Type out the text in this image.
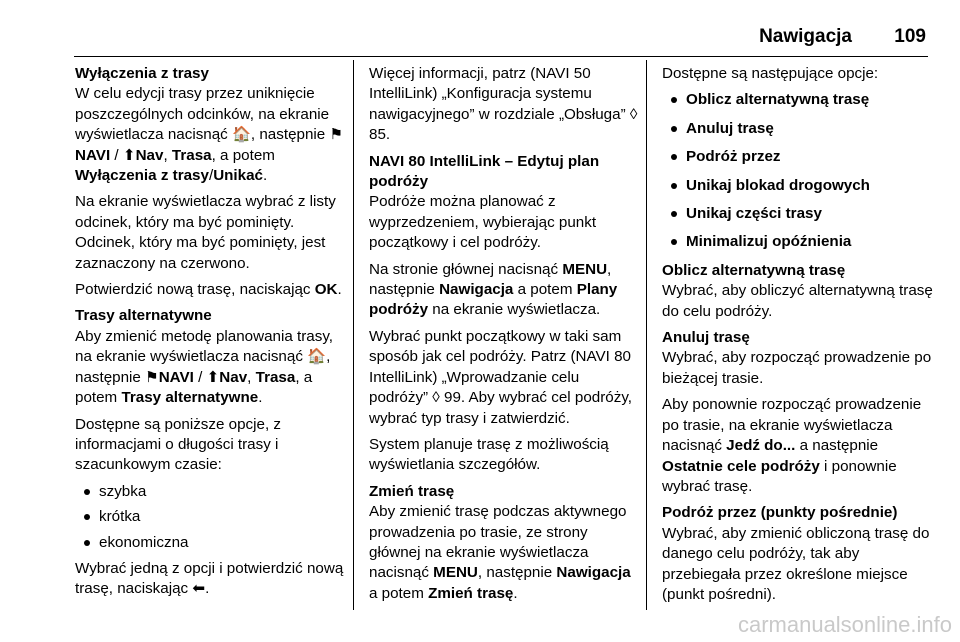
Nawigacja 109

Wyłączenia z trasy

W celu edycji trasy przez uniknięcie poszczególnych odcinków, na ekranie wyświetlacza nacisnąć 🏠, następnie ⚑NAVI / ⬆Nav, Trasa, a potem Wyłączenia z trasy/Unikać.

Na ekranie wyświetlacza wybrać z listy odcinek, który ma być pominięty. Odcinek, który ma być pominięty, jest zaznaczony na czerwono.

Potwierdzić nową trasę, naciskając OK.

Trasy alternatywne

Aby zmienić metodę planowania trasy, na ekranie wyświetlacza nacisnąć 🏠, następnie ⚑NAVI / ⬆Nav, Trasa, a potem Trasy alternatywne.

Dostępne są poniższe opcje, z informacjami o długości trasy i szacunkowym czasie:

szybka
krótka
ekonomiczna

Wybrać jedną z opcji i potwierdzić nową trasę, naciskając ⬅.

Więcej informacji, patrz (NAVI 50 IntelliLink) „Konfiguracja systemu nawigacyjnego” w rozdziale „Obsługa” ◊ 85.

NAVI 80 IntelliLink – Edytuj plan podróży

Podróże można planować z wyprzedzeniem, wybierając punkt początkowy i cel podróży.

Na stronie głównej nacisnąć MENU, następnie Nawigacja a potem Plany podróży na ekranie wyświetlacza.

Wybrać punkt początkowy w taki sam sposób jak cel podróży. Patrz (NAVI 80 IntelliLink) „Wprowadzanie celu podróży” ◊ 99. Aby wybrać cel podróży, wybrać typ trasy i zatwierdzić.

System planuje trasę z możliwością wyświetlania szczegółów.

Zmień trasę

Aby zmienić trasę podczas aktywnego prowadzenia po trasie, ze strony głównej na ekranie wyświetlacza nacisnąć MENU, następnie Nawigacja a potem Zmień trasę.

Dostępne są następujące opcje:

Oblicz alternatywną trasę
Anuluj trasę
Podróż przez
Unikaj blokad drogowych
Unikaj części trasy
Minimalizuj opóźnienia

Oblicz alternatywną trasę

Wybrać, aby obliczyć alternatywną trasę do celu podróży.

Anuluj trasę

Wybrać, aby rozpocząć prowadzenie po bieżącej trasie.

Aby ponownie rozpocząć prowadzenie po trasie, na ekranie wyświetlacza nacisnąć Jedź do... a następnie Ostatnie cele podróży i ponownie wybrać trasę.

Podróż przez (punkty pośrednie)

Wybrać, aby zmienić obliczoną trasę do danego celu podróży, tak aby przebiegała przez określone miejsce (punkt pośredni).

carmanualsonline.info
